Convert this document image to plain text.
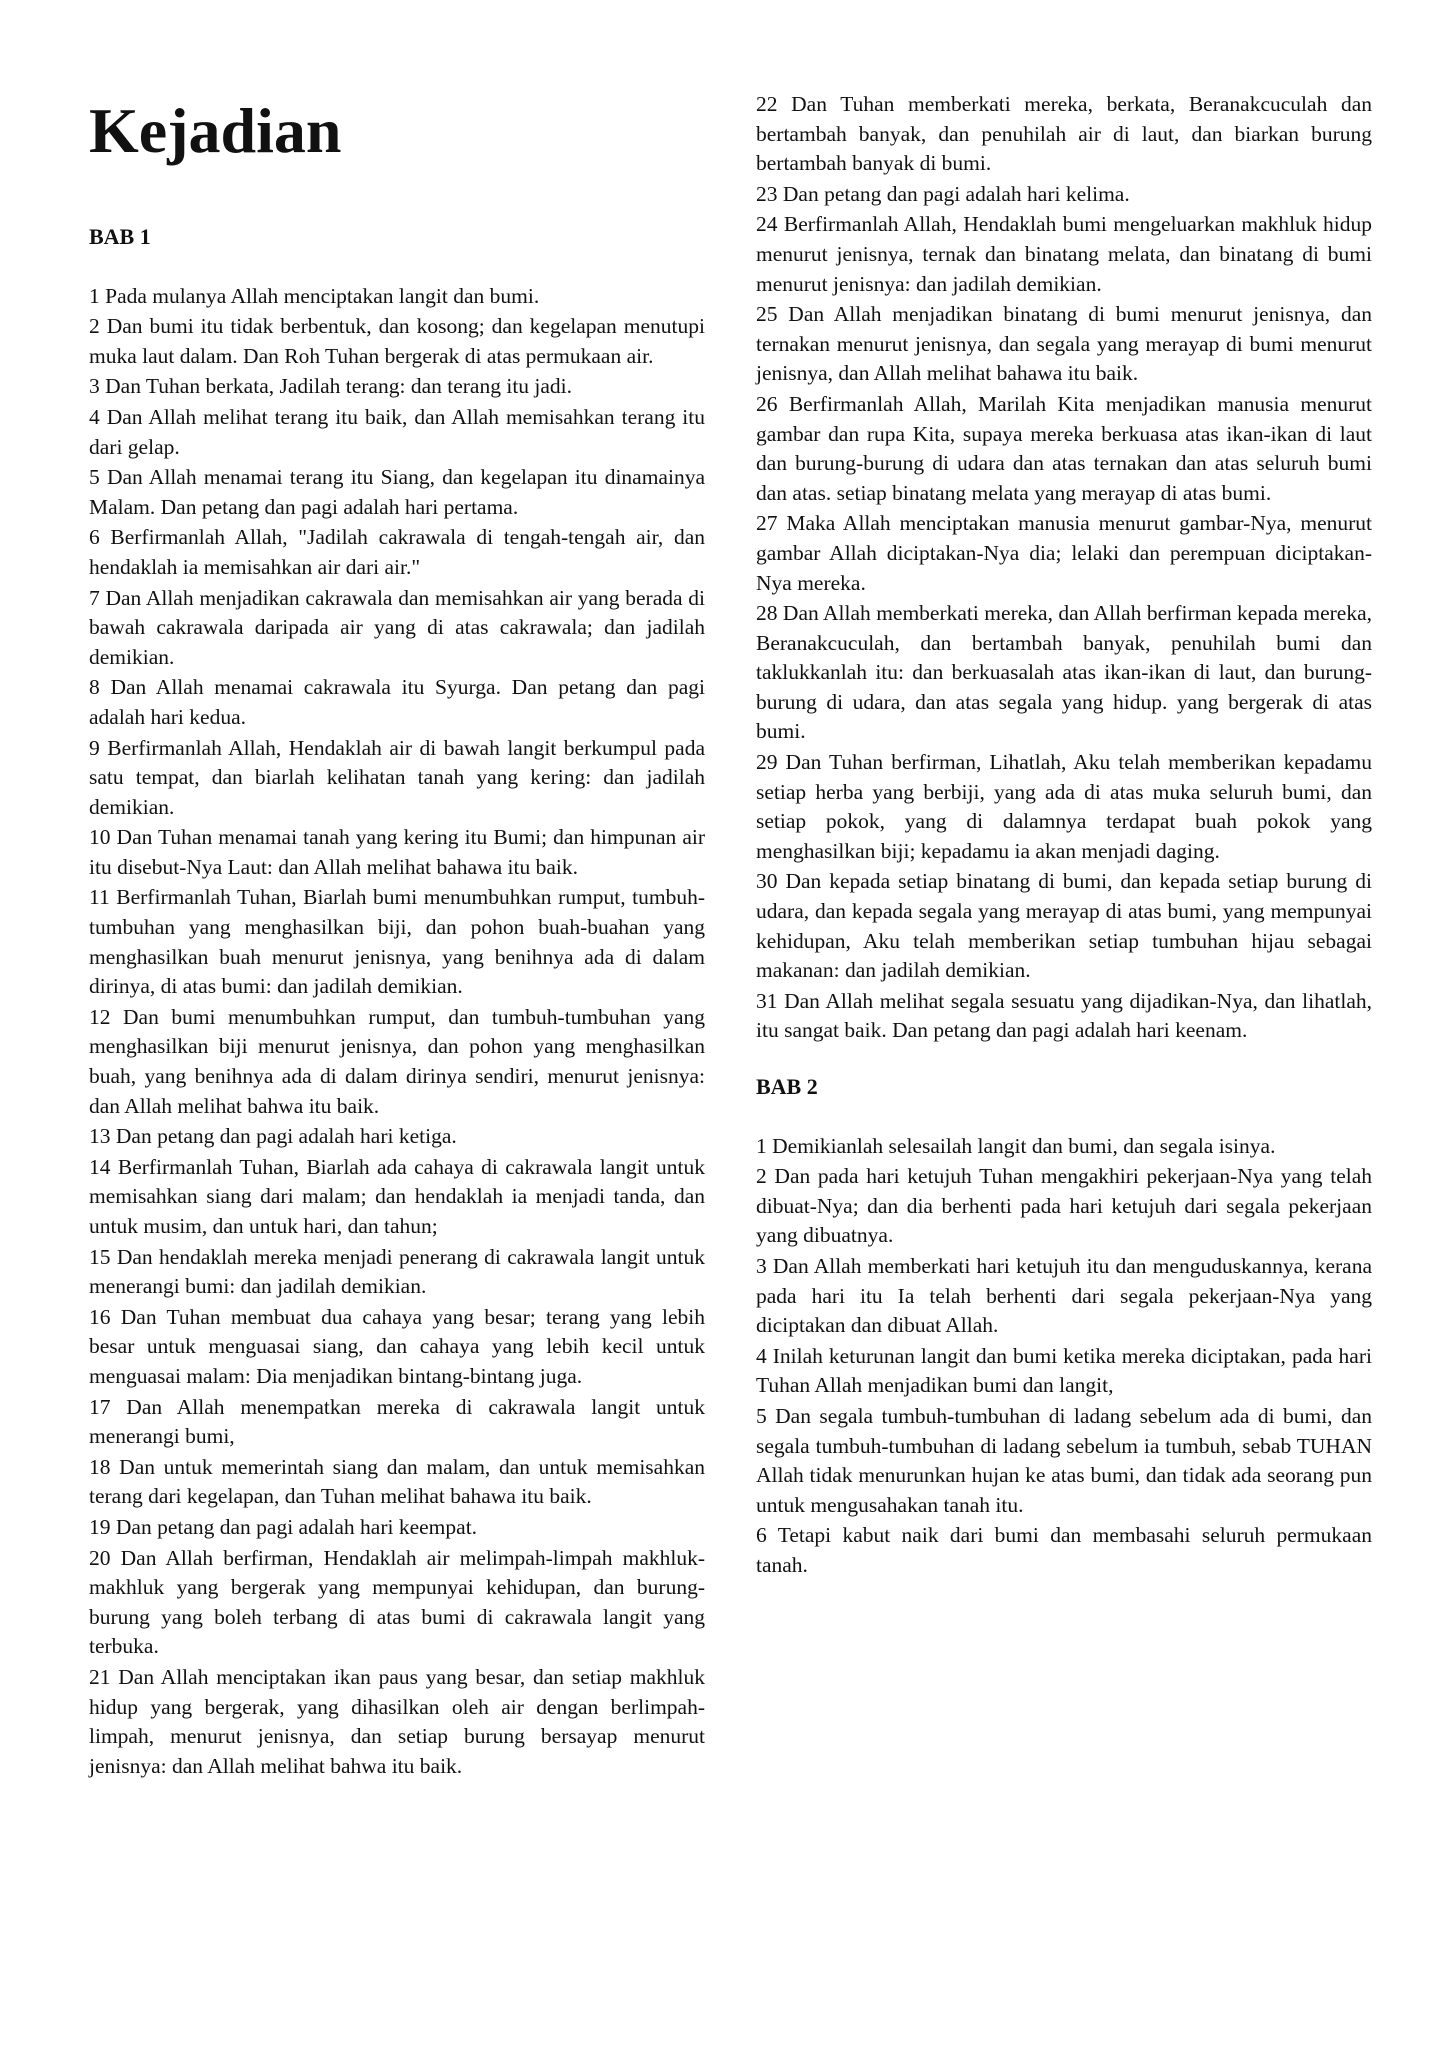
Kejadian

BAB 1

1 Pada mulanya Allah menciptakan langit dan bumi.

2 Dan bumi itu tidak berbentuk, dan kosong; dan kegelapan menutupi muka laut dalam. Dan Roh Tuhan bergerak di atas permukaan air.

3 Dan Tuhan berkata, Jadilah terang: dan terang itu jadi.

4 Dan Allah melihat terang itu baik, dan Allah memisahkan terang itu dari gelap.

5 Dan Allah menamai terang itu Siang, dan kegelapan itu dinamainya Malam. Dan petang dan pagi adalah hari pertama.

6 Berfirmanlah Allah, "Jadilah cakrawala di tengah-tengah air, dan hendaklah ia memisahkan air dari air."

7 Dan Allah menjadikan cakrawala dan memisahkan air yang berada di bawah cakrawala daripada air yang di atas cakrawala; dan jadilah demikian.

8 Dan Allah menamai cakrawala itu Syurga. Dan petang dan pagi adalah hari kedua.

9 Berfirmanlah Allah, Hendaklah air di bawah langit berkumpul pada satu tempat, dan biarlah kelihatan tanah yang kering: dan jadilah demikian.

10 Dan Tuhan menamai tanah yang kering itu Bumi; dan himpunan air itu disebut-Nya Laut: dan Allah melihat bahawa itu baik.

11 Berfirmanlah Tuhan, Biarlah bumi menumbuhkan rumput, tumbuh-tumbuhan yang menghasilkan biji, dan pohon buah-buahan yang menghasilkan buah menurut jenisnya, yang benihnya ada di dalam dirinya, di atas bumi: dan jadilah demikian.

12 Dan bumi menumbuhkan rumput, dan tumbuh-tumbuhan yang menghasilkan biji menurut jenisnya, dan pohon yang menghasilkan buah, yang benihnya ada di dalam dirinya sendiri, menurut jenisnya: dan Allah melihat bahwa itu baik.

13 Dan petang dan pagi adalah hari ketiga.

14 Berfirmanlah Tuhan, Biarlah ada cahaya di cakrawala langit untuk memisahkan siang dari malam; dan hendaklah ia menjadi tanda, dan untuk musim, dan untuk hari, dan tahun;

15 Dan hendaklah mereka menjadi penerang di cakrawala langit untuk menerangi bumi: dan jadilah demikian.

16 Dan Tuhan membuat dua cahaya yang besar; terang yang lebih besar untuk menguasai siang, dan cahaya yang lebih kecil untuk menguasai malam: Dia menjadikan bintang-bintang juga.

17 Dan Allah menempatkan mereka di cakrawala langit untuk menerangi bumi,

18 Dan untuk memerintah siang dan malam, dan untuk memisahkan terang dari kegelapan, dan Tuhan melihat bahawa itu baik.

19 Dan petang dan pagi adalah hari keempat.

20 Dan Allah berfirman, Hendaklah air melimpah-limpah makhluk-makhluk yang bergerak yang mempunyai kehidupan, dan burung-burung yang boleh terbang di atas bumi di cakrawala langit yang terbuka.

21 Dan Allah menciptakan ikan paus yang besar, dan setiap makhluk hidup yang bergerak, yang dihasilkan oleh air dengan berlimpah-limpah, menurut jenisnya, dan setiap burung bersayap menurut jenisnya: dan Allah melihat bahwa itu baik.

22 Dan Tuhan memberkati mereka, berkata, Beranakcuculah dan bertambah banyak, dan penuhilah air di laut, dan biarkan burung bertambah banyak di bumi.

23 Dan petang dan pagi adalah hari kelima.

24 Berfirmanlah Allah, Hendaklah bumi mengeluarkan makhluk hidup menurut jenisnya, ternak dan binatang melata, dan binatang di bumi menurut jenisnya: dan jadilah demikian.

25 Dan Allah menjadikan binatang di bumi menurut jenisnya, dan ternakan menurut jenisnya, dan segala yang merayap di bumi menurut jenisnya, dan Allah melihat bahawa itu baik.

26 Berfirmanlah Allah, Marilah Kita menjadikan manusia menurut gambar dan rupa Kita, supaya mereka berkuasa atas ikan-ikan di laut dan burung-burung di udara dan atas ternakan dan atas seluruh bumi dan atas. setiap binatang melata yang merayap di atas bumi.

27 Maka Allah menciptakan manusia menurut gambar-Nya, menurut gambar Allah diciptakan-Nya dia; lelaki dan perempuan diciptakan-Nya mereka.

28 Dan Allah memberkati mereka, dan Allah berfirman kepada mereka, Beranakcuculah, dan bertambah banyak, penuhilah bumi dan taklukkanlah itu: dan berkuasalah atas ikan-ikan di laut, dan burung-burung di udara, dan atas segala yang hidup. yang bergerak di atas bumi.

29 Dan Tuhan berfirman, Lihatlah, Aku telah memberikan kepadamu setiap herba yang berbiji, yang ada di atas muka seluruh bumi, dan setiap pokok, yang di dalamnya terdapat buah pokok yang menghasilkan biji; kepadamu ia akan menjadi daging.

30 Dan kepada setiap binatang di bumi, dan kepada setiap burung di udara, dan kepada segala yang merayap di atas bumi, yang mempunyai kehidupan, Aku telah memberikan setiap tumbuhan hijau sebagai makanan: dan jadilah demikian.

31 Dan Allah melihat segala sesuatu yang dijadikan-Nya, dan lihatlah, itu sangat baik. Dan petang dan pagi adalah hari keenam.

BAB 2

1 Demikianlah selesailah langit dan bumi, dan segala isinya.

2 Dan pada hari ketujuh Tuhan mengakhiri pekerjaan-Nya yang telah dibuat-Nya; dan dia berhenti pada hari ketujuh dari segala pekerjaan yang dibuatnya.

3 Dan Allah memberkati hari ketujuh itu dan menguduskannya, kerana pada hari itu Ia telah berhenti dari segala pekerjaan-Nya yang diciptakan dan dibuat Allah.

4 Inilah keturunan langit dan bumi ketika mereka diciptakan, pada hari Tuhan Allah menjadikan bumi dan langit,

5 Dan segala tumbuh-tumbuhan di ladang sebelum ada di bumi, dan segala tumbuh-tumbuhan di ladang sebelum ia tumbuh, sebab TUHAN Allah tidak menurunkan hujan ke atas bumi, dan tidak ada seorang pun untuk mengusahakan tanah itu.

6 Tetapi kabut naik dari bumi dan membasahi seluruh permukaan tanah.
